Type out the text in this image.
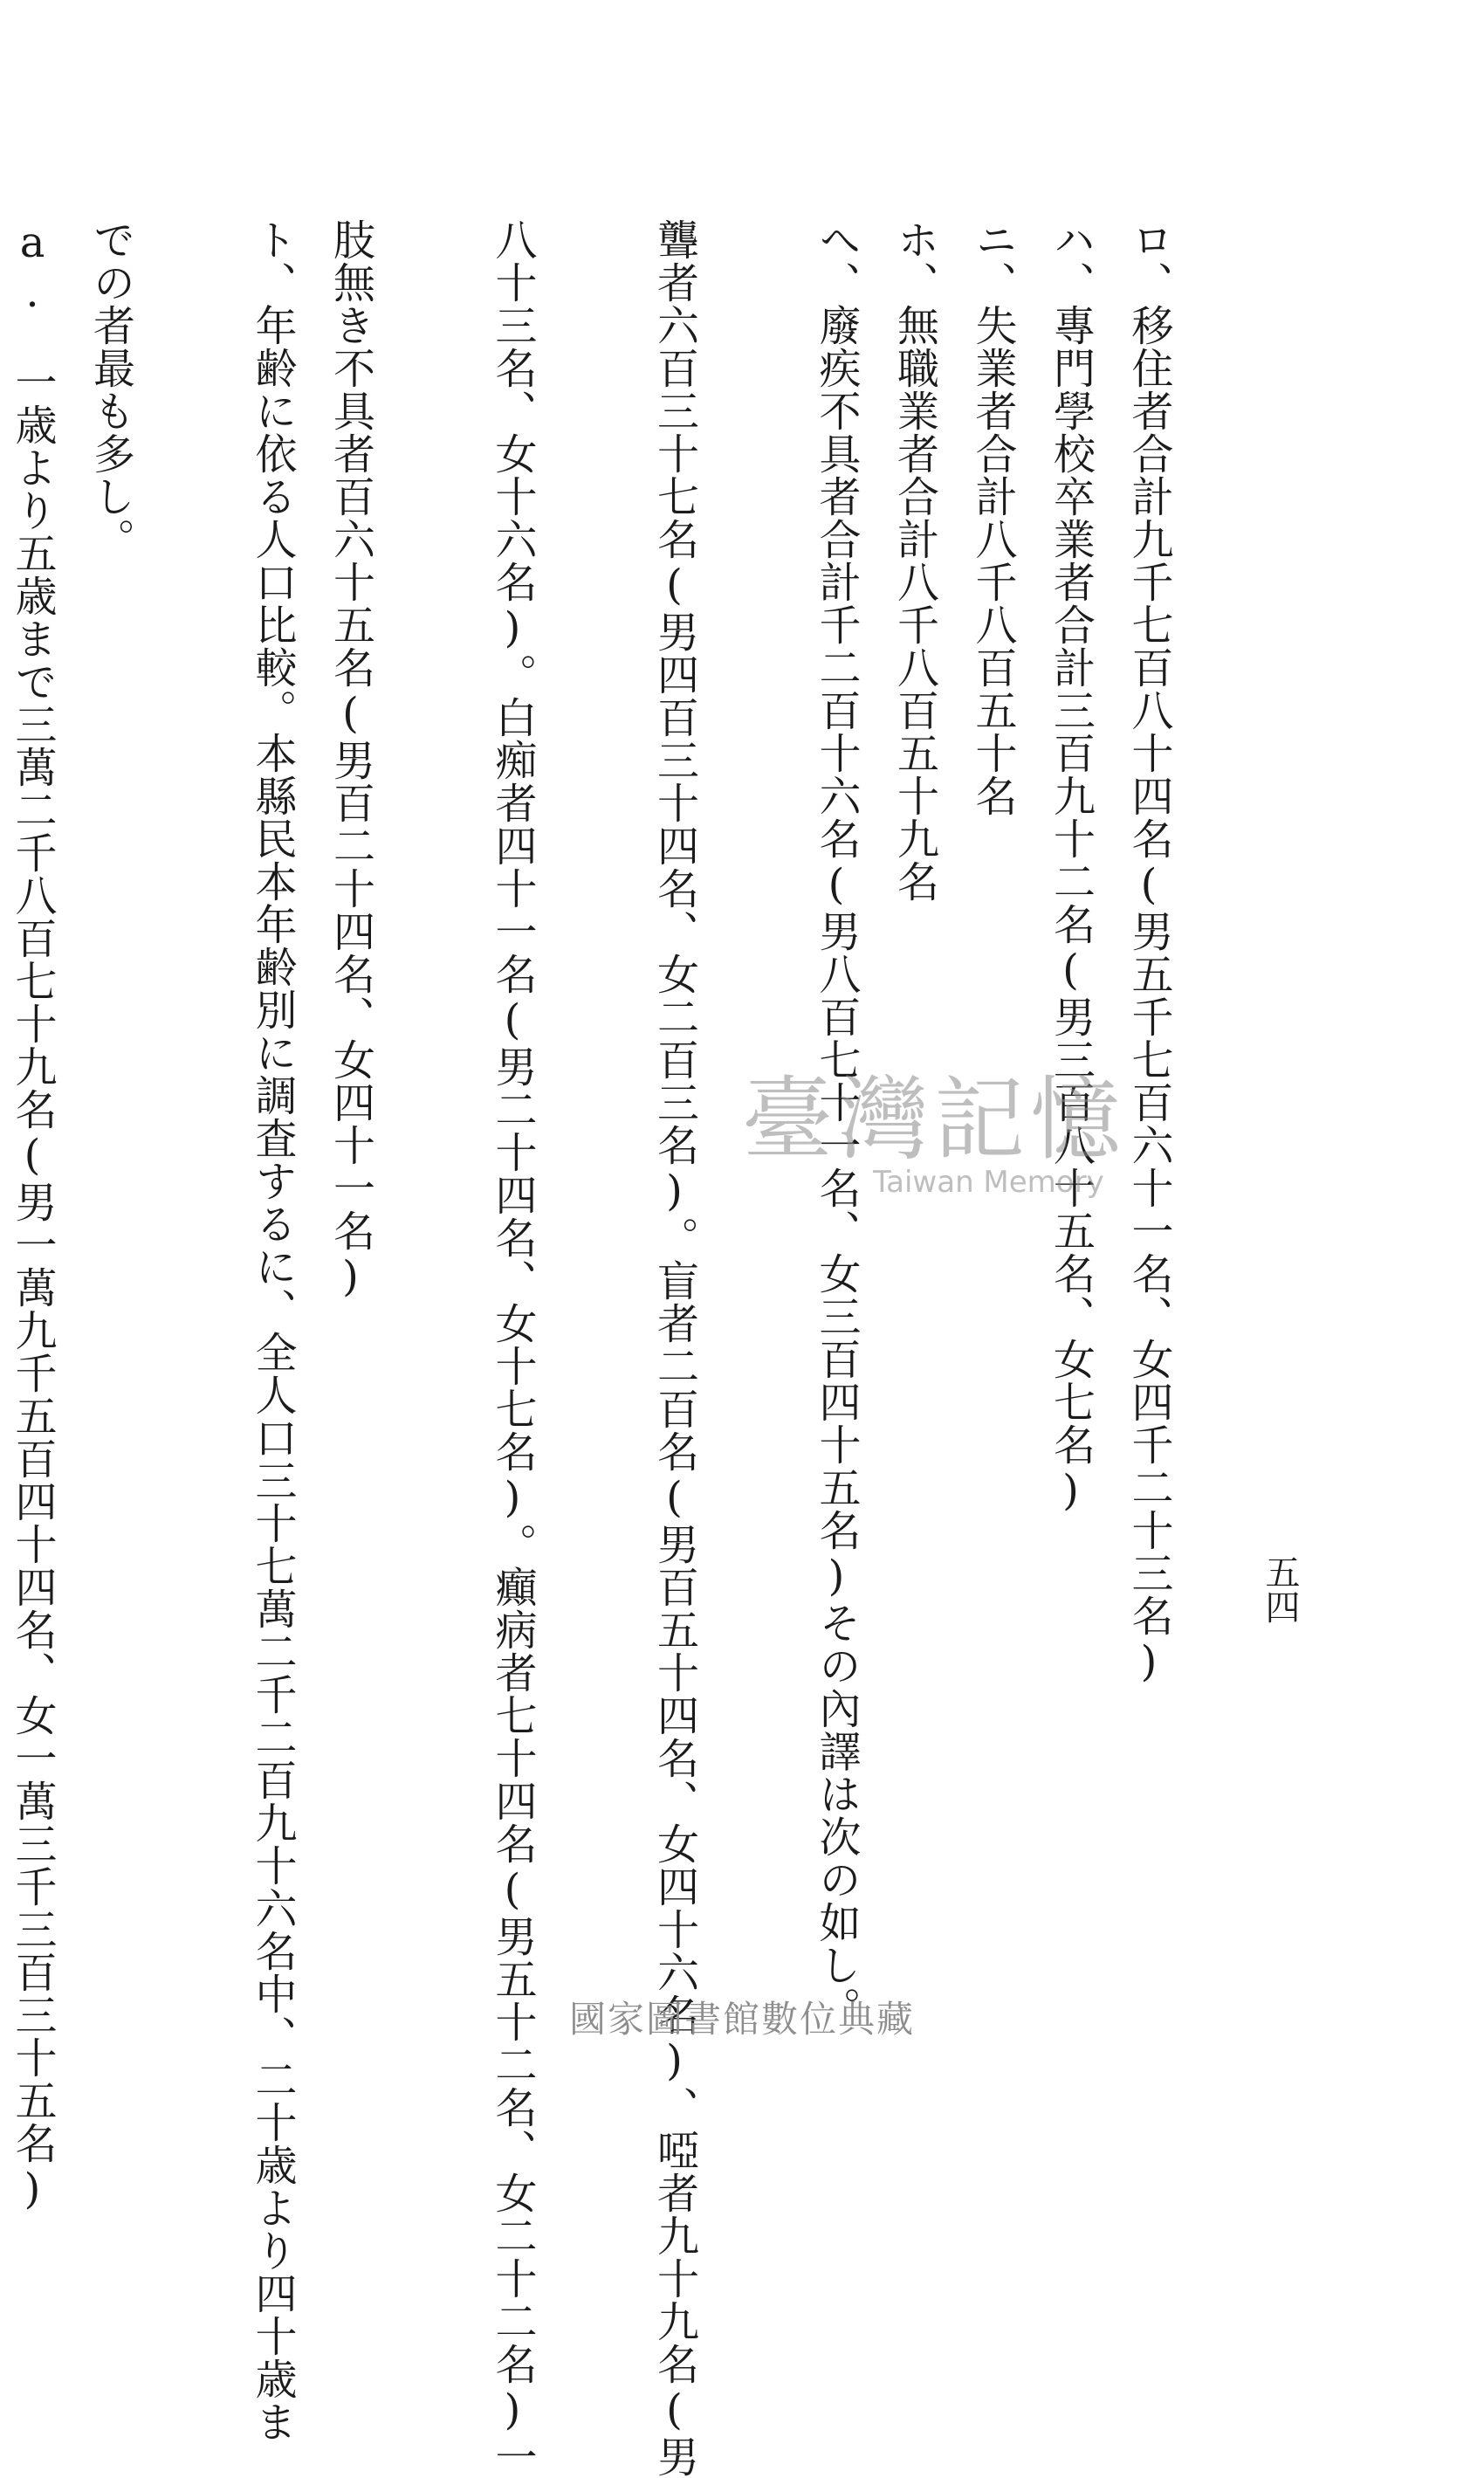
五四
ロ、移住者合計九千七百八十四名(男五千七百六十一名、女四千二十三名)
ハ、專門學校卒業者合計三百九十二名(男三百八十五名、女七名)
ニ、失業者合計八千八百五十名
ホ、無職業者合計八千八百五十九名
へ、廢疾不具者合計千二百十六名(男八百七十一名、女三百四十五名)その內譯は次の如し。
聾者六百三十七名(男四百三十四名、女二百三名)。盲者二百名(男百五十四名、女四十六名)、啞者九十九名(男
八十三名、女十六名)。白痴者四十一名(男二十四名、女十七名)。癲病者七十四名(男五十二名、女二十二名)一
肢無き不具者百六十五名(男百二十四名、女四十一名)
ト、年齢に依る人口比較。本縣民本年齢別に調査するに、全人口三十七萬二千二百九十六名中、二十歳より四十歳ま
での者最も多し。
a.　一歳より五歳まで三萬二千八百七十九名(男一萬九千五百四十四名、女一萬三千三百三十五名)	臺灣記憶
Taiwan Memory
國家圖書館數位典藏
